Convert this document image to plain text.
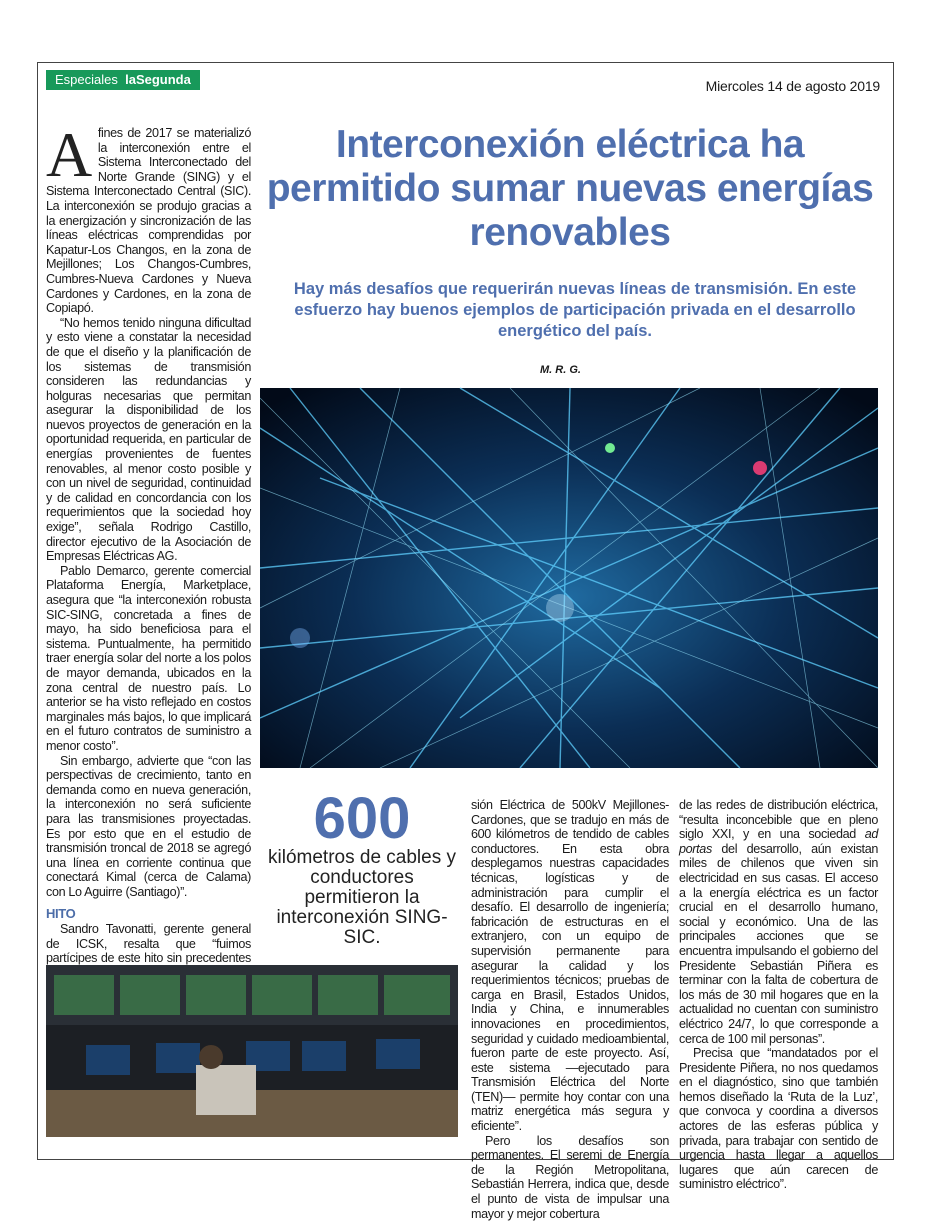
Especiales laSegunda	Miercoles 14 de agosto 2019

Afines de 2017 se materializó la interconexión entre el Sistema Interconectado del Norte Grande (SING) y el Sistema Interconectado Central (SIC). La interconexión se produjo gracias a la energización y sincronización de las líneas eléctricas comprendidas por Kapatur-Los Changos, en la zona de Mejillones; Los Changos-Cumbres, Cumbres-Nueva Cardones y Nueva Cardones y Cardones, en la zona de Copiapó.

“No hemos tenido ninguna dificultad y esto viene a constatar la necesidad de que el diseño y la planificación de los sistemas de transmisión consideren las redundancias y holguras necesarias que permitan asegurar la disponibilidad de los nuevos proyectos de generación en la oportunidad requerida, en particular de energías provenientes de fuentes renovables, al menor costo posible y con un nivel de seguridad, continuidad y de calidad en concordancia con los requerimientos que la sociedad hoy exige”, señala Rodrigo Castillo, director ejecutivo de la Asociación de Empresas Eléctricas AG.

Pablo Demarco, gerente comercial Plataforma Energía, Marketplace, asegura que “la interconexión robusta SIC-SING, concretada a fines de mayo, ha sido beneficiosa para el sistema. Puntualmente, ha permitido traer energía solar del norte a los polos de mayor demanda, ubicados en la zona central de nuestro país. Lo anterior se ha visto reflejado en costos marginales más bajos, lo que implicará en el futuro contratos de suministro a menor costo”.

Sin embargo, advierte que “con las perspectivas de crecimiento, tanto en demanda como en nueva generación, la interconexión no será suficiente para las transmisiones proyectadas. Es por esto que en el estudio de transmisión troncal de 2018 se agregó una línea en corriente continua que conectará Kimal (cerca de Calama) con Lo Aguirre (Santiago)”.

HITO

Sandro Tavonatti, gerente general de ICSK, resalta que “fuimos partícipes de este hito sin precedentes

Interconexión eléctrica ha permitido sumar nuevas energías renovables
Hay más desafíos que requerirán nuevas líneas de transmisión. En este esfuerzo hay buenos ejemplos de participación privada en el desarrollo energético del país.
M. R. G.
600
kilómetros de cables y conductores permitieron la interconexión SING-SIC.

sión Eléctrica de 500kV Mejillones-Cardones, que se tradujo en más de 600 kilómetros de tendido de cables conductores. En esta obra desplegamos nuestras capacidades técnicas, logísticas y de administración para cumplir el desafío. El desarrollo de ingeniería; fabricación de estructuras en el extranjero, con un equipo de supervisión permanente para asegurar la calidad y los requerimientos técnicos; pruebas de carga en Brasil, Estados Unidos, India y China, e innumerables innovaciones en procedimientos, seguridad y cuidado medioambiental, fueron parte de este proyecto. Así, este sistema —ejecutado para Transmisión Eléctrica del Norte (TEN)— permite hoy contar con una matriz energética más segura y eficiente”.

Pero los desafíos son permanentes. El seremi de Energía de la Región Metropolitana, Sebastián Herrera, indica que, desde el punto de vista de impulsar una mayor y mejor cobertura

de las redes de distribución eléctrica, “resulta inconcebible que en pleno siglo XXI, y en una sociedad ad portas del desarrollo, aún existan miles de chilenos que viven sin electricidad en sus casas. El acceso a la energía eléctrica es un factor crucial en el desarrollo humano, social y económico. Una de las principales acciones que se encuentra impulsando el gobierno del Presidente Sebastián Piñera es terminar con la falta de cobertura de los más de 30 mil hogares que en la actualidad no cuentan con suministro eléctrico 24/7, lo que corresponde a cerca de 100 mil personas”.

Precisa que “mandatados por el Presidente Piñera, no nos quedamos en el diagnóstico, sino que también hemos diseñado la ‘Ruta de la Luz’, que convoca y coordina a diversos actores de las esferas pública y privada, para trabajar con sentido de urgencia hasta llegar a aquellos lugares que aún carecen de suministro eléctrico”.
